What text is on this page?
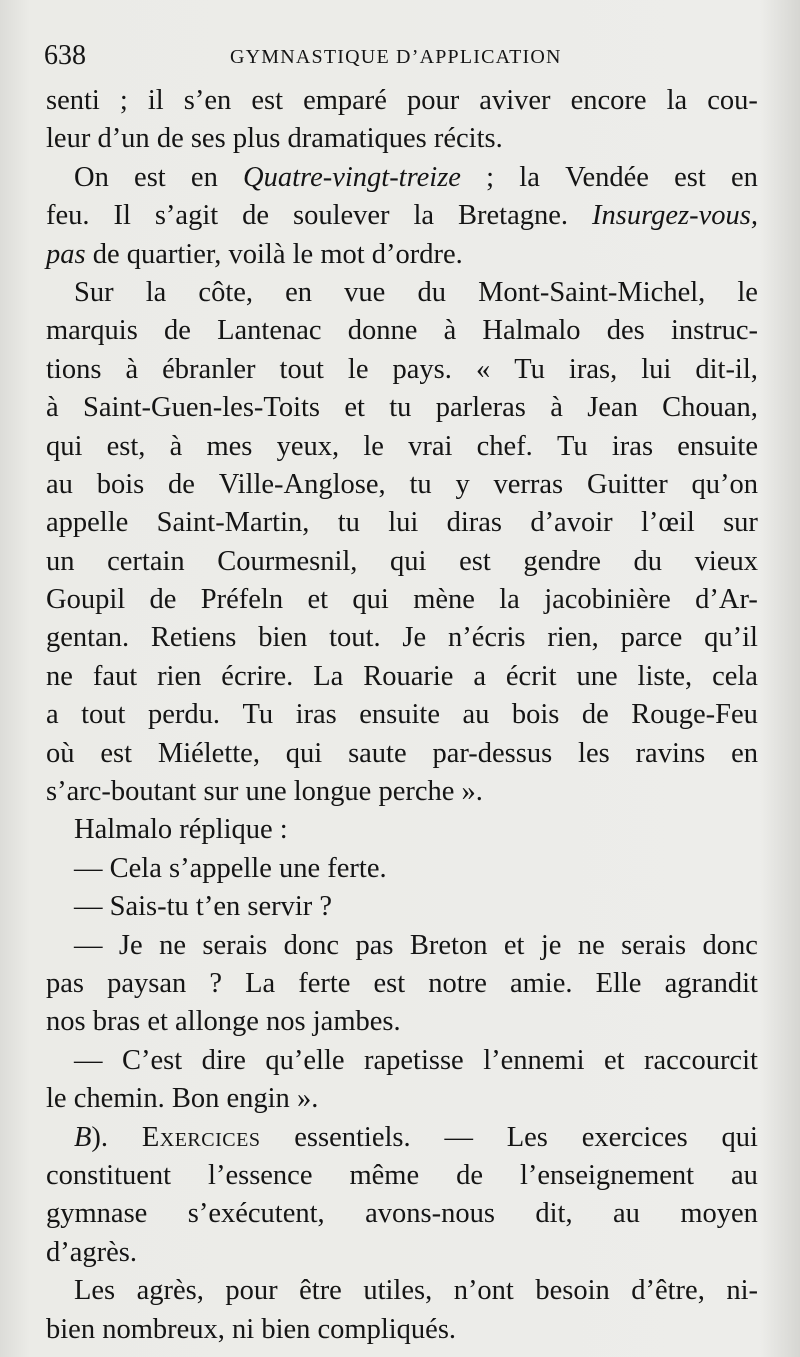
638	GYMNASTIQUE D’APPLICATION
senti ; il s’en est emparé pour aviver encore la cou-
leur
d’un
de
ses
plus
dramatiques
récits.
On est en Quatre-vingt-treize ; la Vendée est en
feu. Il s’agit de soulever la Bretagne. Insurgez-vous,
pas
de
quartier,
voilà
le
mot
d’ordre.
Sur la côte, en vue du Mont-Saint-Michel, le
marquis de Lantenac donne à Halmalo des instruc-
tions à ébranler tout le pays. « Tu iras, lui dit-il,
à Saint-Guen-les-Toits et tu parleras à Jean Chouan,
qui est, à mes yeux, le vrai chef. Tu iras ensuite
au bois de Ville-Anglose, tu y verras Guitter qu’on
appelle Saint-Martin, tu lui diras d’avoir l’œil sur
un certain Courmesnil, qui est gendre du vieux
Goupil de Préfeln et qui mène la jacobinière d’Ar-
gentan. Retiens bien tout. Je n’écris rien, parce qu’il
ne faut rien écrire. La Rouarie a écrit une liste, cela
a tout perdu. Tu iras ensuite au bois de Rouge-Feu
où est Miélette, qui saute par-dessus les ravins en
s’arc-boutant
sur
une
longue
perche
».
Halmalo
réplique
:
—
Cela
s’appelle
une
ferte.
—
Sais-tu
t’en
servir
?
— Je ne serais donc pas Breton et je ne serais donc
pas paysan ? La ferte est notre amie. Elle agrandit
nos
bras
et
allonge
nos
jambes.
— C’est dire qu’elle rapetisse l’ennemi et raccourcit
le
chemin.
Bon
engin
».
B). Exercices essentiels. — Les exercices qui
constituent l’essence même de l’enseignement au
gymnase s’exécutent, avons-nous dit, au moyen
d’agrès.
Les agrès, pour être utiles, n’ont besoin d’être, ni-
bien
nombreux,
ni
bien
compliqués.
